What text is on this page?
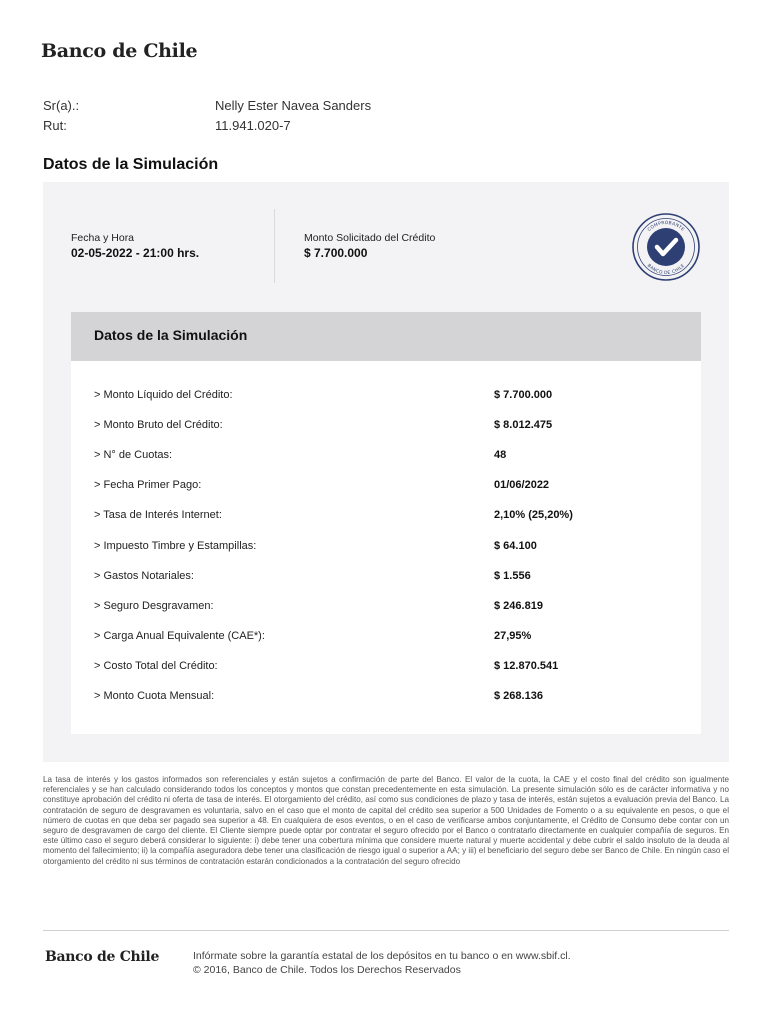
Banco de Chile
Sr(a).:	Nelly Ester Navea Sanders
Rut:	11.941.020-7
Datos de la Simulación
Fecha y Hora
02-05-2022 - 21:00 hrs.
Monto Solicitado del Crédito
$ 7.700.000
COMPROBANTE
BANCO DE CHILE
Datos de la Simulación
> Monto Líquido del Crédito:	$ 7.700.000
> Monto Bruto del Crédito:	$ 8.012.475
> N° de Cuotas:	48
> Fecha Primer Pago:	01/06/2022
> Tasa de Interés Internet:	2,10% (25,20%)
> Impuesto Timbre y Estampillas:	$ 64.100
> Gastos Notariales:	$ 1.556
> Seguro Desgravamen:	$ 246.819
> Carga Anual Equivalente (CAE*):	27,95%
> Costo Total del Crédito:	$ 12.870.541
> Monto Cuota Mensual:	$ 268.136
La tasa de interés y los gastos informados son referenciales y están sujetos a confirmación de parte del Banco. El valor de la cuota, la CAE y el costo final del crédito son igualmente referenciales y se han calculado considerando todos los conceptos y montos que constan precedentemente en esta simulación. La presente simulación sólo es de carácter informativa y no constituye aprobación del crédito ni oferta de tasa de interés. El otorgamiento del crédito, así como sus condiciones de plazo y tasa de interés, están sujetos a evaluación previa del Banco. La contratación de seguro de desgravamen es voluntaria, salvo en el caso que el monto de capital del crédito sea superior a 500 Unidades de Fomento o a su equivalente en pesos, o que el número de cuotas en que deba ser pagado sea superior a 48. En cualquiera de esos eventos, o en el caso de verificarse ambos conjuntamente, el Crédito de Consumo debe contar con un seguro de desgravamen de cargo del cliente. El Cliente siempre puede optar por contratar el seguro ofrecido por el Banco o contratarlo directamente en cualquier compañía de seguros. En este último caso el seguro deberá considerar lo siguiente: i) debe tener una cobertura mínima que considere muerte natural y muerte accidental y debe cubrir el saldo insoluto de la deuda al momento del fallecimiento; ii) la compañía aseguradora debe tener una clasificación de riesgo igual o superior a AA; y iii) el beneficiario del seguro debe ser Banco de Chile. En ningún caso el otorgamiento del crédito ni sus términos de contratación estarán condicionados a la contratación del seguro ofrecido
Banco de Chile	Infórmate sobre la garantía estatal de los depósitos en tu banco o en www.sbif.cl.
© 2016, Banco de Chile. Todos los Derechos Reservados
